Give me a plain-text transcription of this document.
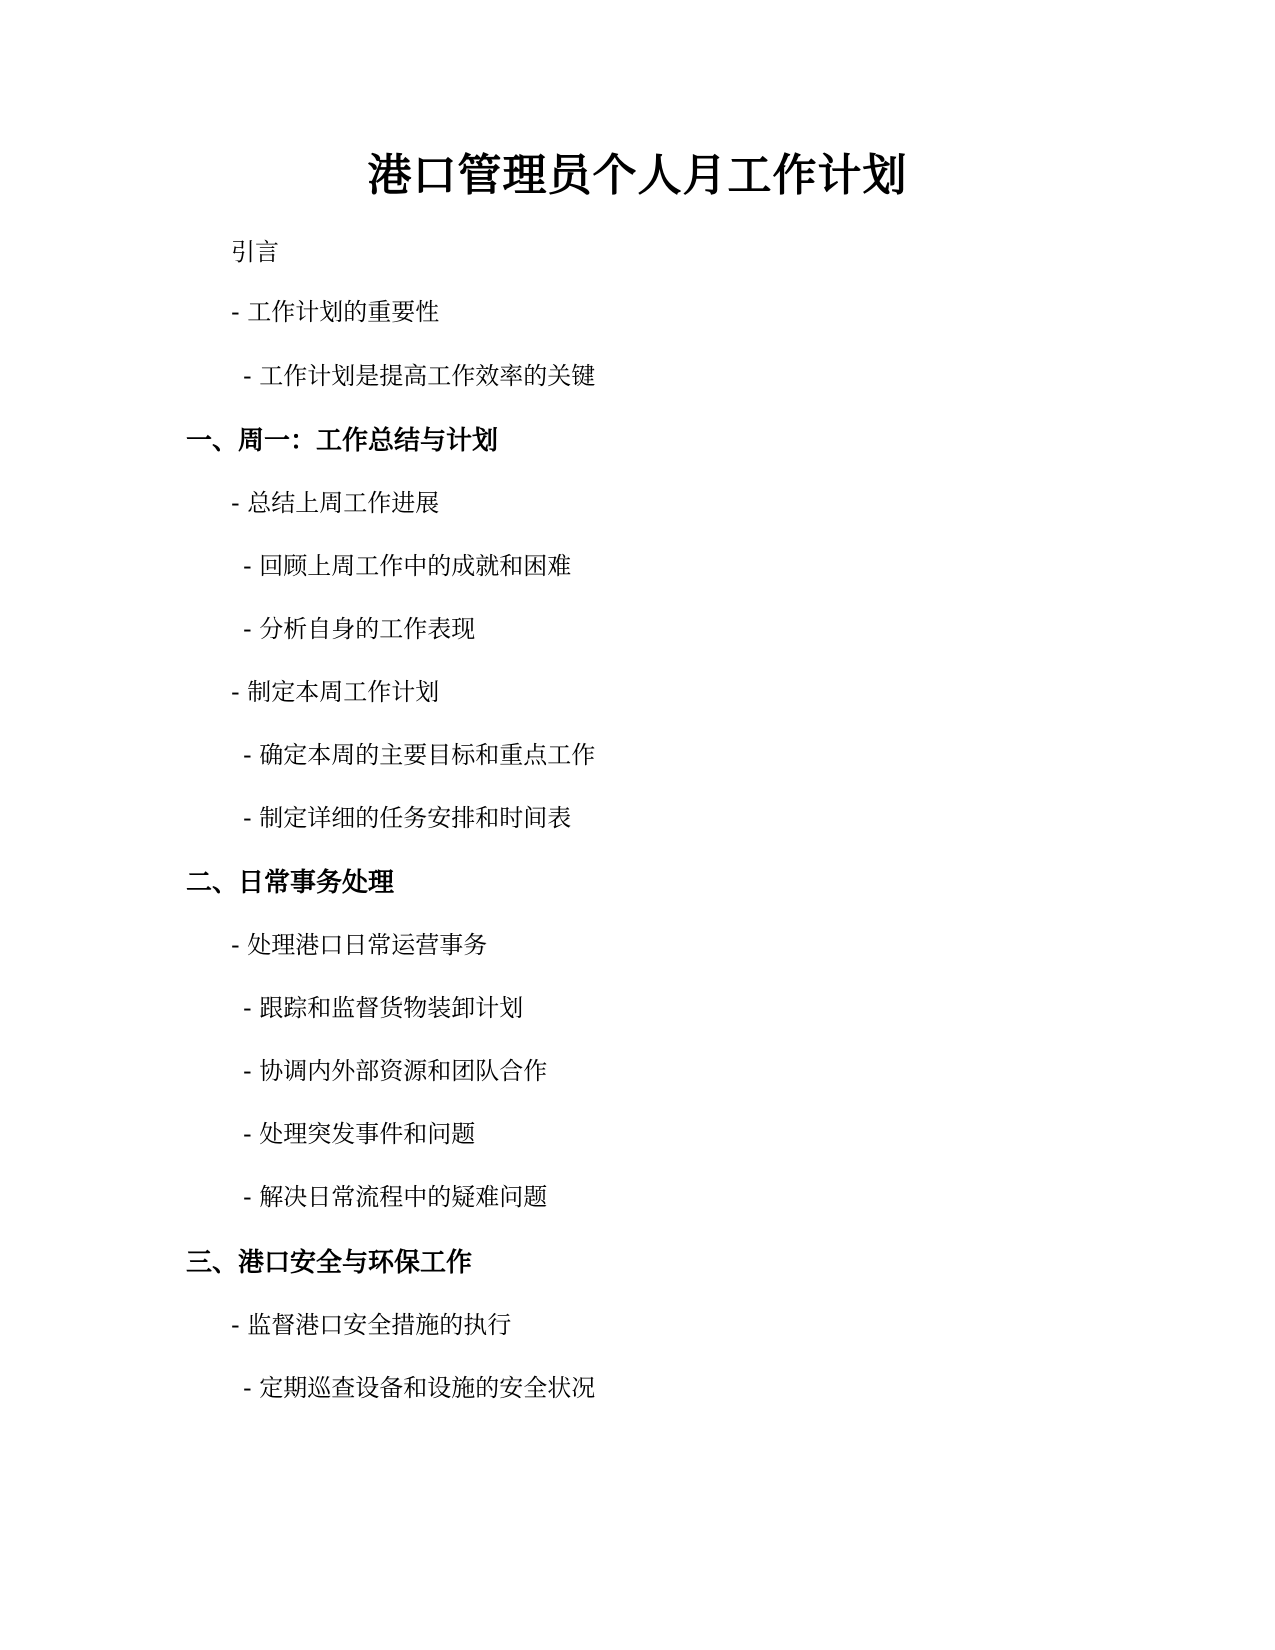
港口管理员个人月工作计划
引言
- 工作计划的重要性
- 工作计划是提高工作效率的关键
一、周一：工作总结与计划
- 总结上周工作进展
- 回顾上周工作中的成就和困难
- 分析自身的工作表现
- 制定本周工作计划
- 确定本周的主要目标和重点工作
- 制定详细的任务安排和时间表
二、日常事务处理
- 处理港口日常运营事务
- 跟踪和监督货物装卸计划
- 协调内外部资源和团队合作
- 处理突发事件和问题
- 解决日常流程中的疑难问题
三、港口安全与环保工作
- 监督港口安全措施的执行
- 定期巡查设备和设施的安全状况
